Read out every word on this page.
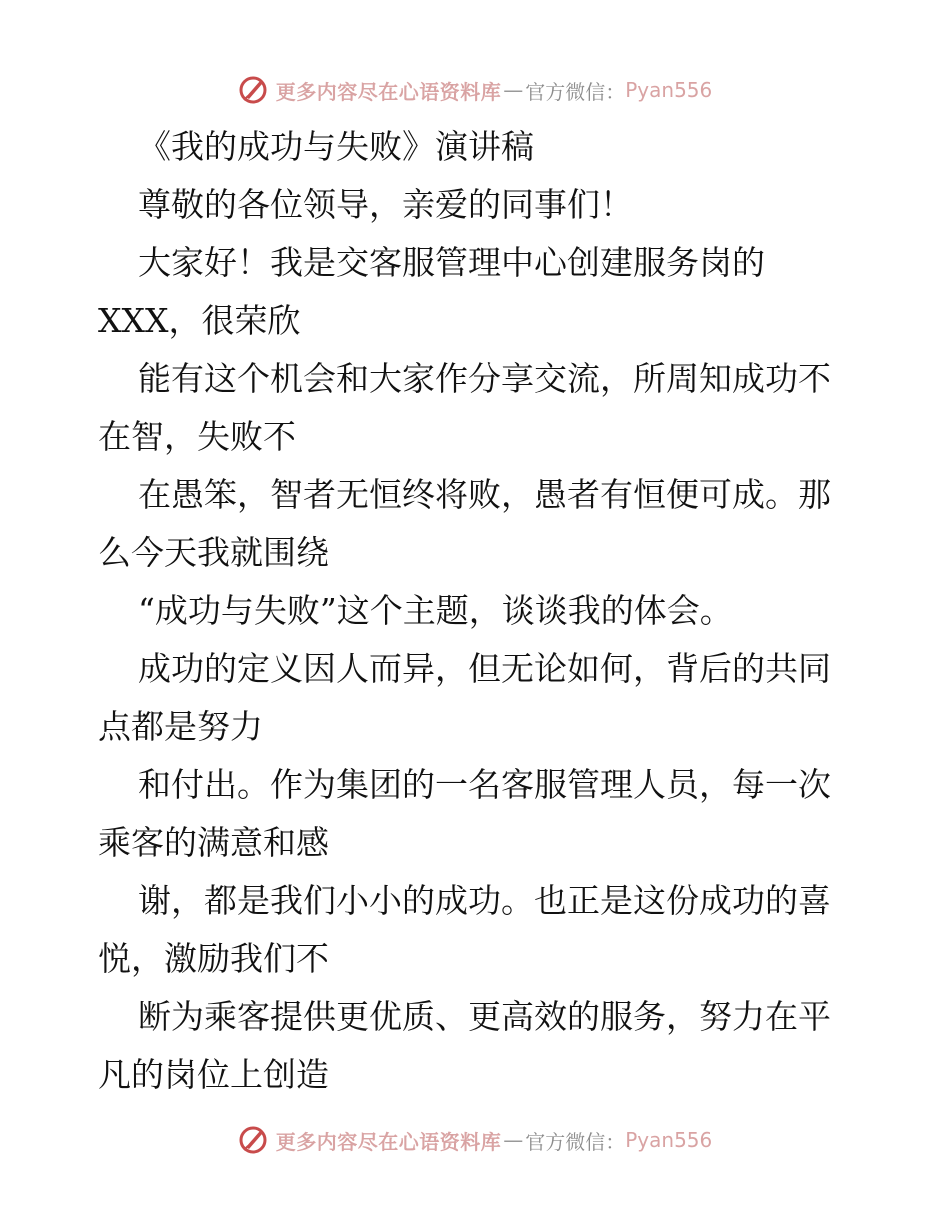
更多内容尽在心语资料库 — 官方微信： Pyan556
《我的成功与失败》演讲稿
尊敬的各位领导，亲爱的同事们！
大家好！我是交客服管理中心创建服务岗的
XXX，很荣欣
能有这个机会和大家作分享交流，所周知成功不
在智，失败不
在愚笨，智者无恒终将败，愚者有恒便可成。那
么今天我就围绕
“成功与失败”这个主题，谈谈我的体会。
成功的定义因人而异，但无论如何，背后的共同
点都是努力
和付出。作为集团的一名客服管理人员，每一次
乘客的满意和感
谢，都是我们小小的成功。也正是这份成功的喜
悦，激励我们不
断为乘客提供更优质、更高效的服务，努力在平
凡的岗位上创造
更多内容尽在心语资料库 — 官方微信： Pyan556
